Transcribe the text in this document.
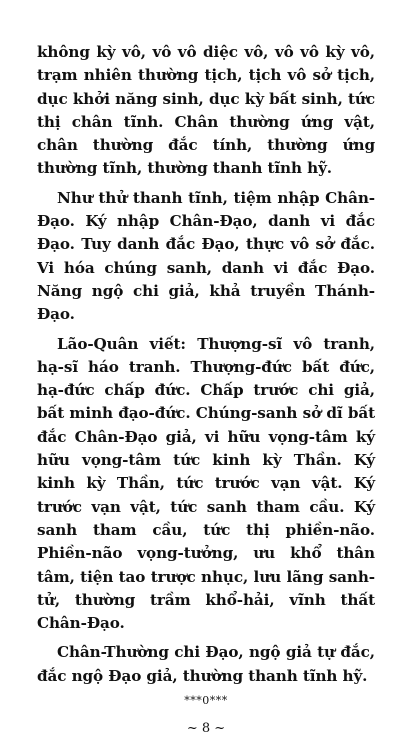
không kỳ vô, vô vô diệc vô, vô vô kỳ vô, trạm nhiên thường tịch, tịch vô sở tịch, dục khởi năng sinh, dục kỳ bất sinh, tức thị chân tĩnh. Chân thường ứng vật, chân thường đắc tính, thường ứng thường tĩnh, thường thanh tĩnh hỹ.

Như thử thanh tĩnh, tiệm nhập Chân-Đạo. Ký nhập Chân-Đạo, danh vi đắc Đạo. Tuy danh đắc Đạo, thực vô sở đắc. Vi hóa chúng sanh, danh vi đắc Đạo. Năng ngộ chi giả, khả truyền Thánh-Đạo.

Lão-Quân viết: Thượng-sĩ vô tranh, hạ-sĩ háo tranh. Thượng-đức bất đức, hạ-đức chấp đức. Chấp trước chi giả, bất minh đạo-đức. Chúng-sanh sở dĩ bất đắc Chân-Đạo giả, vi hữu vọng-tâm ký hữu vọng-tâm tức kinh kỳ Thần. Ký kinh kỳ Thần, tức trước vạn vật. Ký trước vạn vật, tức sanh tham cầu. Ký sanh tham cầu, tức thị phiền-não. Phiền-não vọng-tưởng, ưu khổ thân tâm, tiện tao trược nhục, lưu lãng sanh-tử, thường trầm khổ-hải, vĩnh thất Chân-Đạo.

Chân-Thường chi Đạo, ngộ giả tự đắc, đắc ngộ Đạo giả, thường thanh tĩnh hỹ.

***0***
~ 8 ~
